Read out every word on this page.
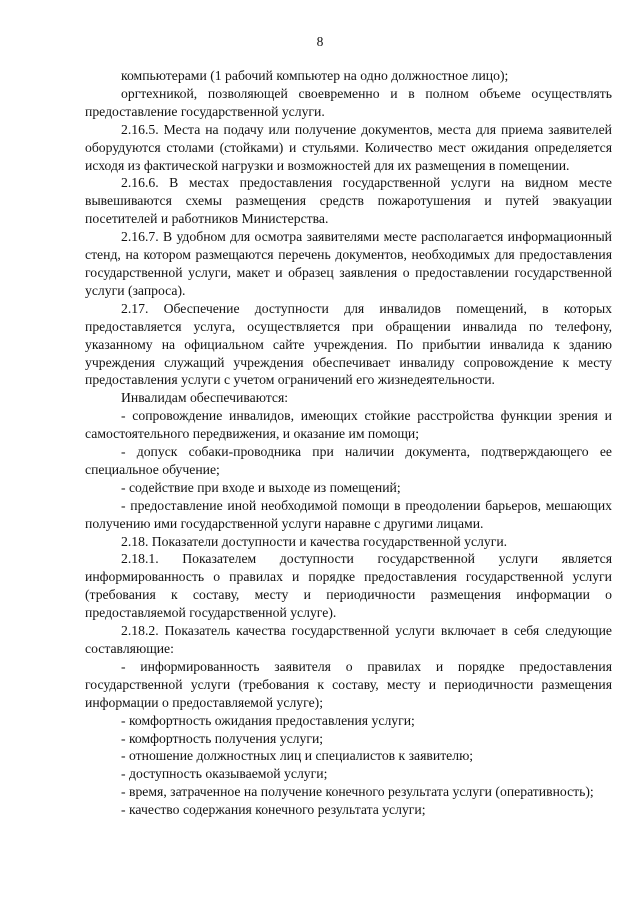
8

компьютерами (1 рабочий компьютер на одно должностное лицо);

оргтехникой, позволяющей своевременно и в полном объеме осуществлять предоставление государственной услуги.

2.16.5. Места на подачу или получение документов, места для приема заявителей оборудуются столами (стойками) и стульями. Количество мест ожидания определяется исходя из фактической нагрузки и возможностей для их размещения в помещении.

2.16.6. В местах предоставления государственной услуги на видном месте вывешиваются схемы размещения средств пожаротушения и путей эвакуации посетителей и работников Министерства.

2.16.7. В удобном для осмотра заявителями месте располагается информационный стенд, на котором размещаются перечень документов, необходимых для предоставления государственной услуги, макет и образец заявления о предоставлении государственной услуги (запроса).

2.17. Обеспечение доступности для инвалидов помещений, в которых предоставляется услуга, осуществляется при обращении инвалида по телефону, указанному на официальном сайте учреждения. По прибытии инвалида к зданию учреждения служащий учреждения обеспечивает инвалиду сопровождение к месту предоставления услуги с учетом ограничений его жизнедеятельности.

Инвалидам обеспечиваются:

- сопровождение инвалидов, имеющих стойкие расстройства функции зрения и самостоятельного передвижения, и оказание им помощи;

- допуск собаки-проводника при наличии документа, подтверждающего ее специальное обучение;

- содействие при входе и выходе из помещений;

- предоставление иной необходимой помощи в преодолении барьеров, мешающих получению ими государственной услуги наравне с другими лицами.

2.18. Показатели доступности и качества государственной услуги.

2.18.1. Показателем доступности государственной услуги является информированность о правилах и порядке предоставления государственной услуги (требования к составу, месту и периодичности размещения информации о предоставляемой государственной услуге).

2.18.2. Показатель качества государственной услуги включает в себя следующие составляющие:

- информированность заявителя о правилах и порядке предоставления государственной услуги (требования к составу, месту и периодичности размещения информации о предоставляемой услуге);

- комфортность ожидания предоставления услуги;

- комфортность получения услуги;

- отношение должностных лиц и специалистов к заявителю;

- доступность оказываемой услуги;

- время, затраченное на получение конечного результата услуги (оперативность);

- качество содержания конечного результата услуги;
